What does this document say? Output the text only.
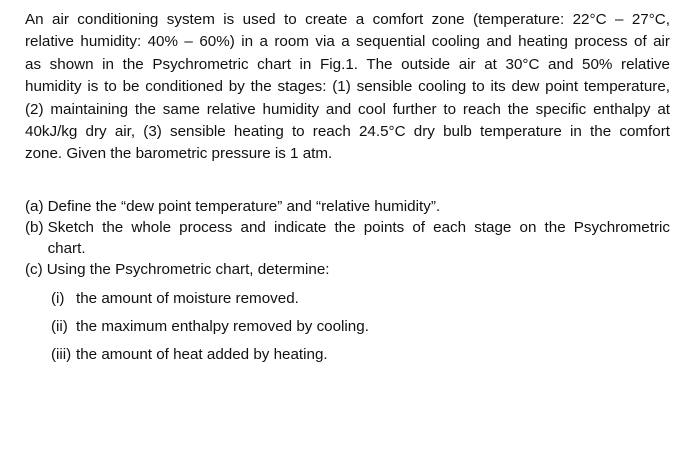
An air conditioning system is used to create a comfort zone (temperature: 22°C – 27°C,
relative humidity: 40% – 60%) in a room via a sequential cooling and heating process of air
as shown in the Psychrometric chart in Fig.1. The outside air at 30°C and 50% relative
humidity is to be conditioned by the stages: (1) sensible cooling to its dew point temperature,
(2) maintaining the same relative humidity and cool further to reach the specific enthalpy at
40kJ/kg dry air, (3) sensible heating to reach 24.5°C dry bulb temperature in the comfort
zone. Given the barometric pressure is 1 atm.
(a) Define the “dew point temperature” and “relative humidity”.
(b) Sketch the whole process and indicate the points of each stage on the Psychrometric
chart.
(c) Using the Psychrometric chart, determine:
(i) the amount of moisture removed.
(ii) the maximum enthalpy removed by cooling.
(iii) the amount of heat added by heating.
